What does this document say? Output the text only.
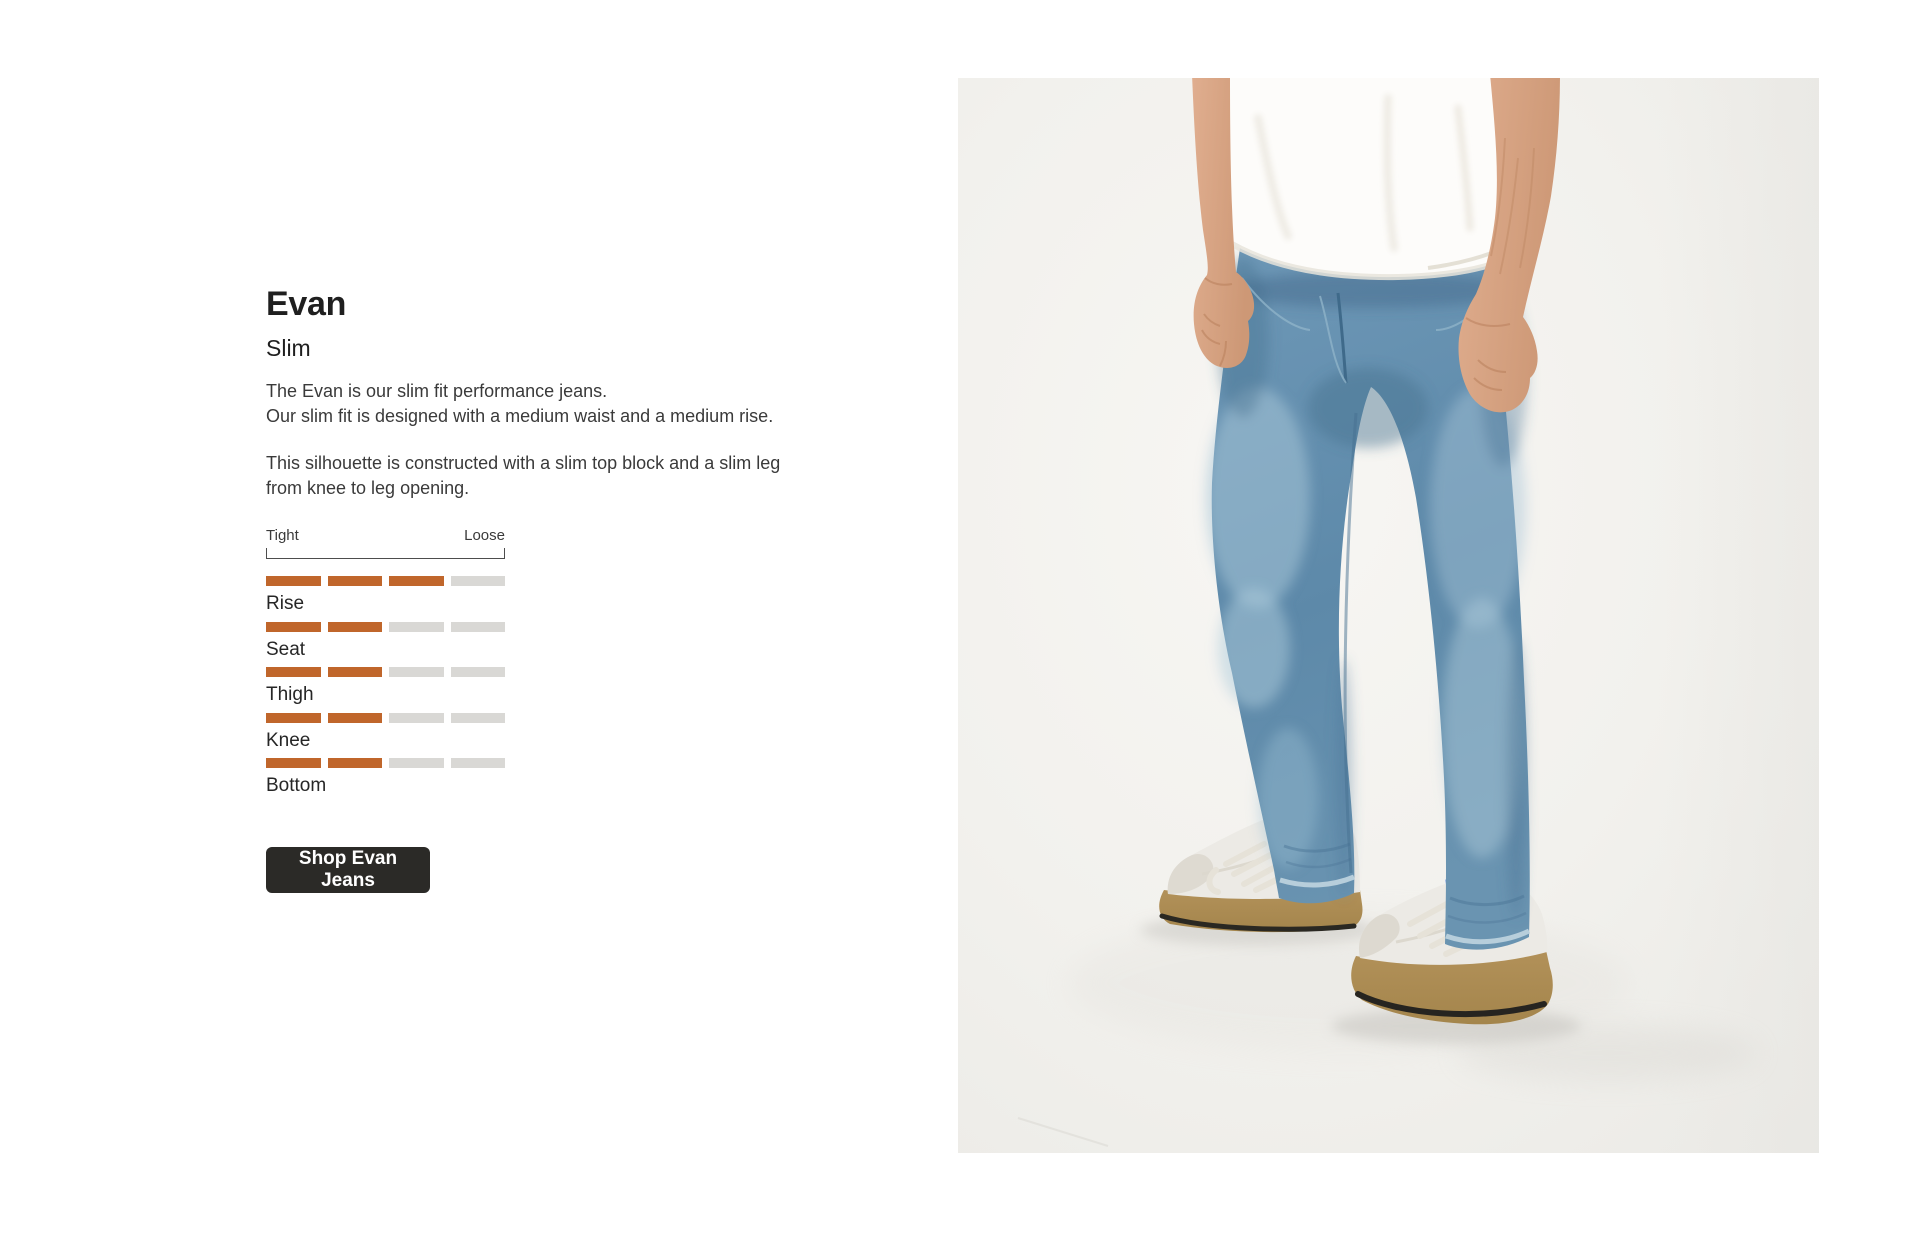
Evan
Slim

The Evan is our slim fit performance jeans.
Our slim fit is designed with a medium waist and a medium rise.

This silhouette is constructed with a slim top block and a slim leg
from knee to leg opening.

Tight	Loose
Rise
Seat
Thigh
Knee
Bottom
Shop Evan Jeans
